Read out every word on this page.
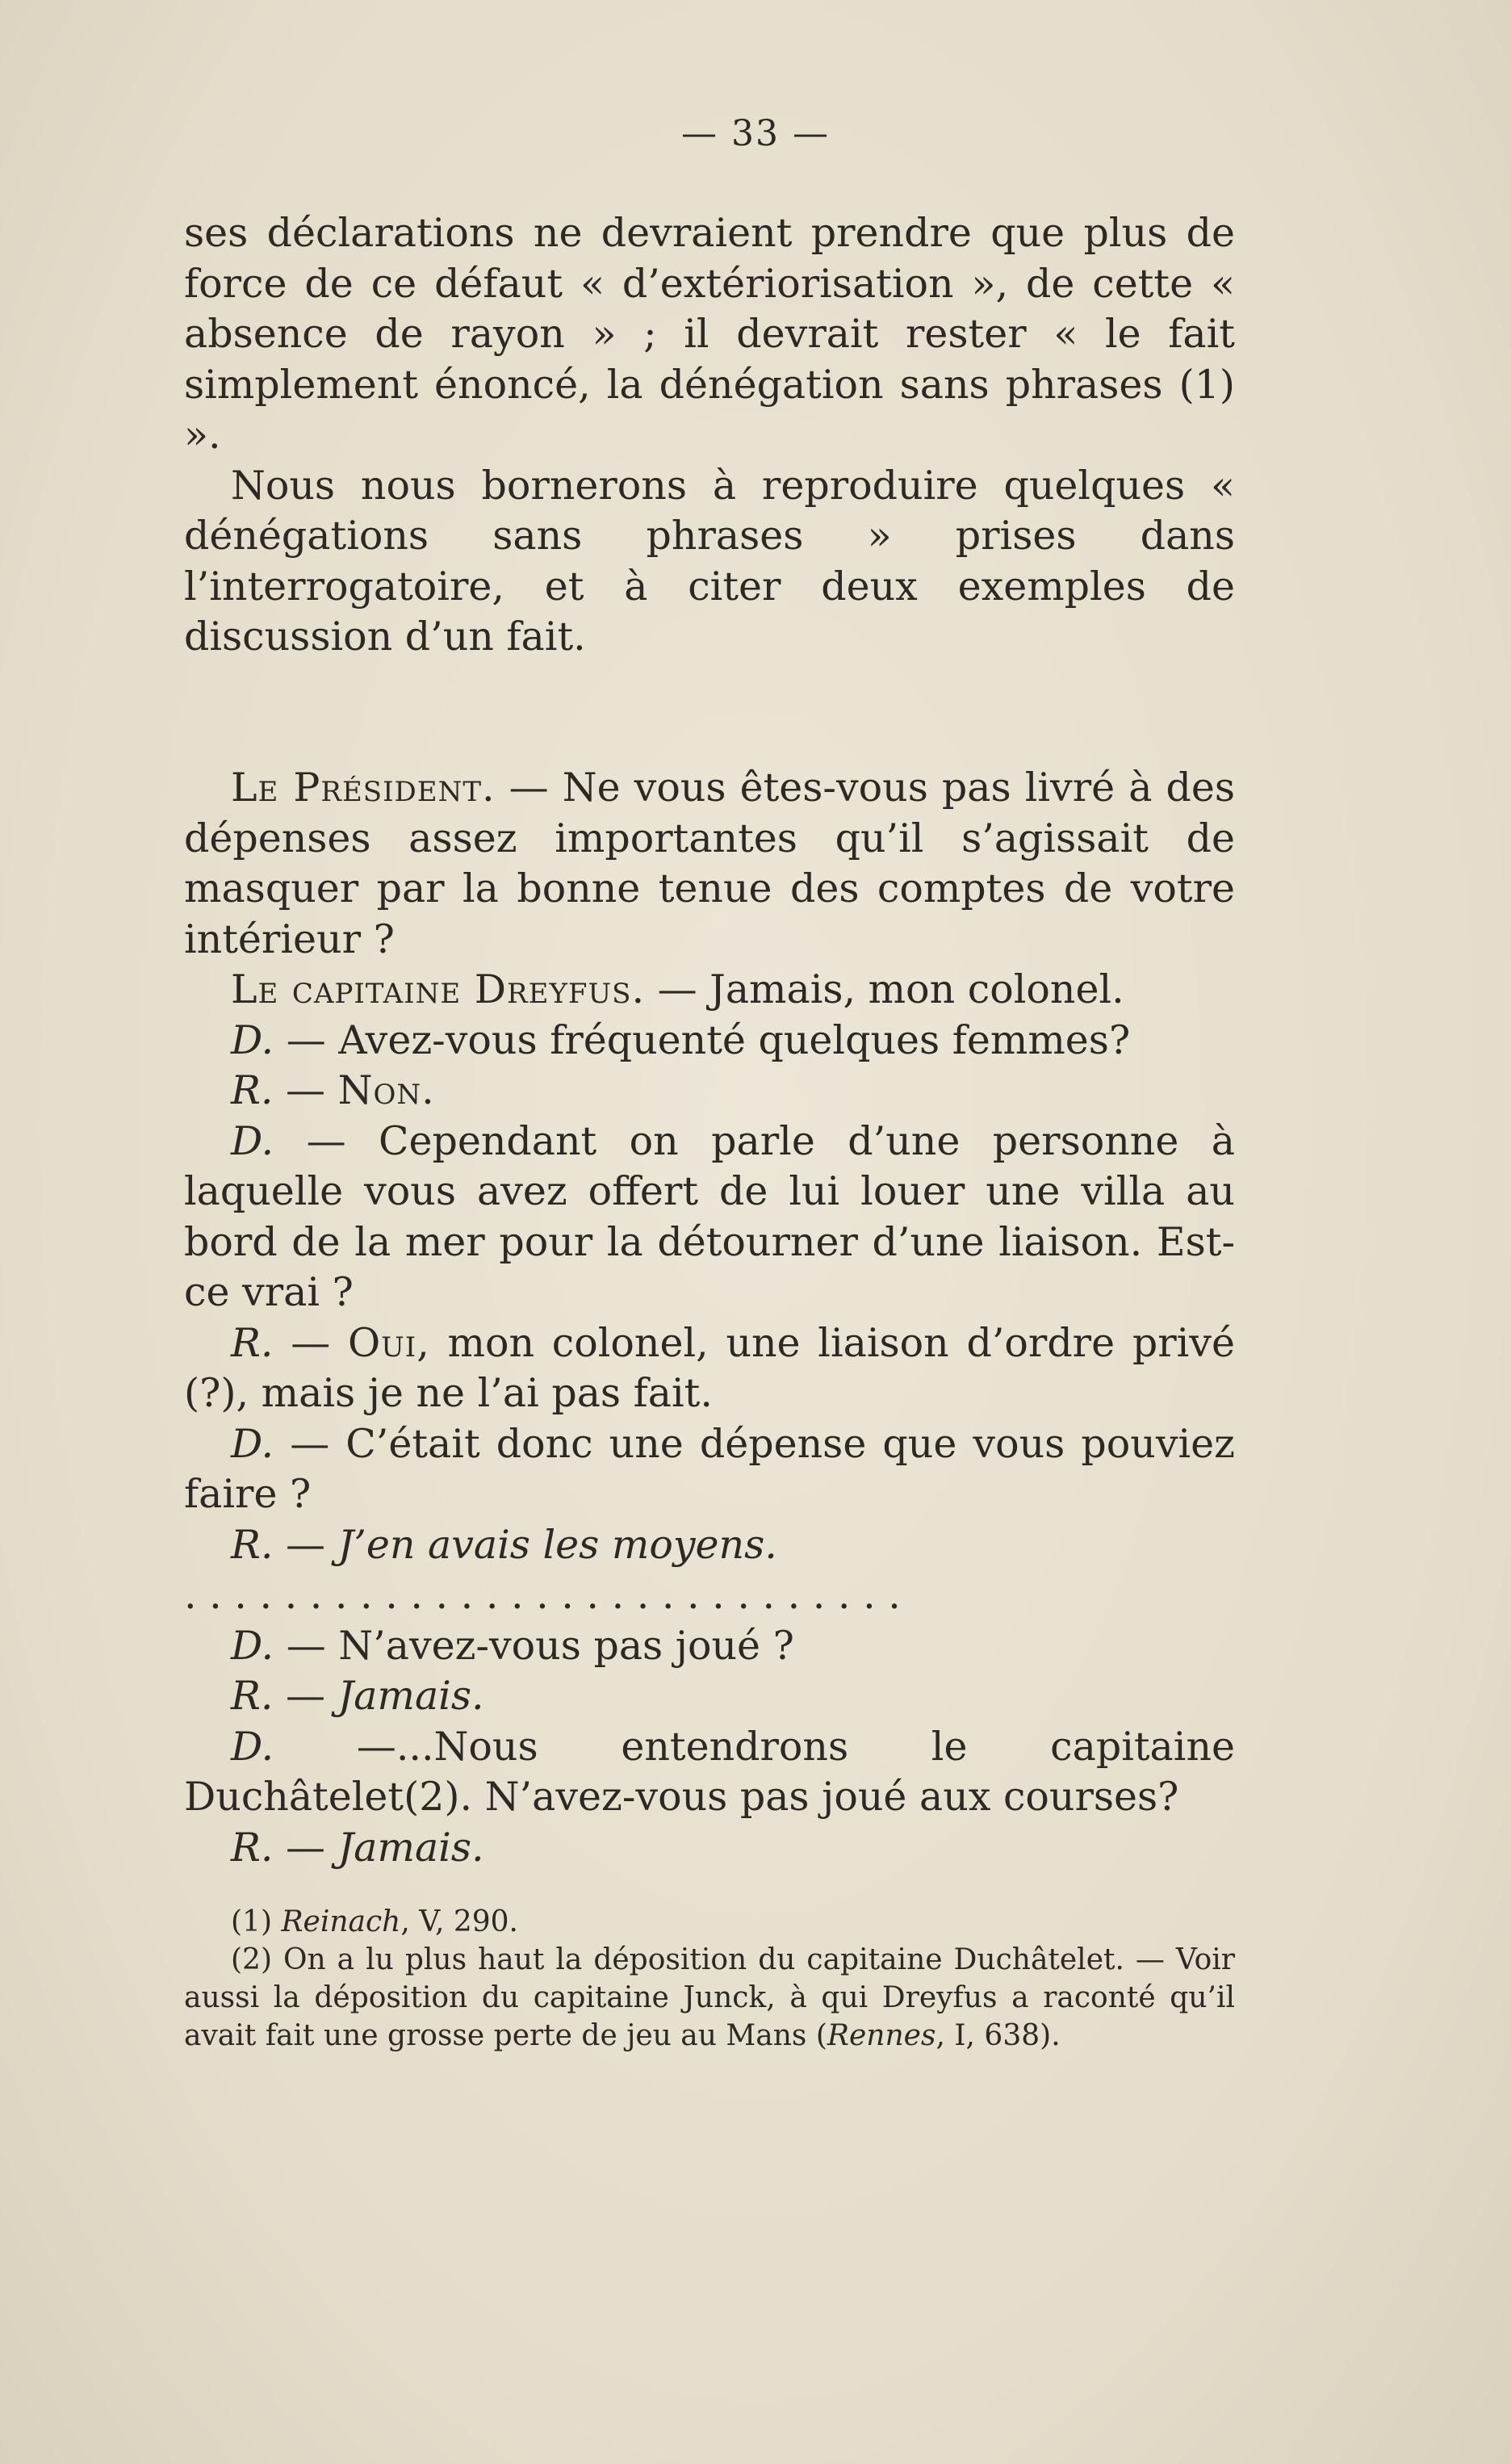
— 33 —

ses déclarations ne devraient prendre que plus de force de ce défaut « d’extériorisation », de cette « absence de rayon » ; il devrait rester « le fait simplement énoncé, la dénégation sans phrases (1) ».

Nous nous bornerons à reproduire quelques « dénégations sans phrases » prises dans l’interrogatoire, et à citer deux exemples de discussion d’un fait.

Le Président. — Ne vous êtes-vous pas livré à des dépenses assez importantes qu’il s’agissait de masquer par la bonne tenue des comptes de votre intérieur ?

Le capitaine Dreyfus. — Jamais, mon colonel.

D. — Avez-vous fréquenté quelques femmes?

R. — Non.

D. — Cependant on parle d’une personne à laquelle vous avez offert de lui louer une villa au bord de la mer pour la détourner d’une liaison. Est-ce vrai ?

R. — Oui, mon colonel, une liaison d’ordre privé (?), mais je ne l’ai pas fait.

D. — C’était donc une dépense que vous pouviez faire ?

R. — J’en avais les moyens.

. . . . . . . . . . . . . . . . . . . . . . . . . . . . .

D. — N’avez-vous pas joué ?

R. — Jamais.

D. —...Nous entendrons le capitaine Duchâtelet(2). N’avez-vous pas joué aux courses?

R. — Jamais.

(1) Reinach, V, 290.

(2) On a lu plus haut la déposition du capitaine Duchâtelet. — Voir aussi la déposition du capitaine Junck, à qui Dreyfus a raconté qu’il avait fait une grosse perte de jeu au Mans (Rennes, I, 638).
